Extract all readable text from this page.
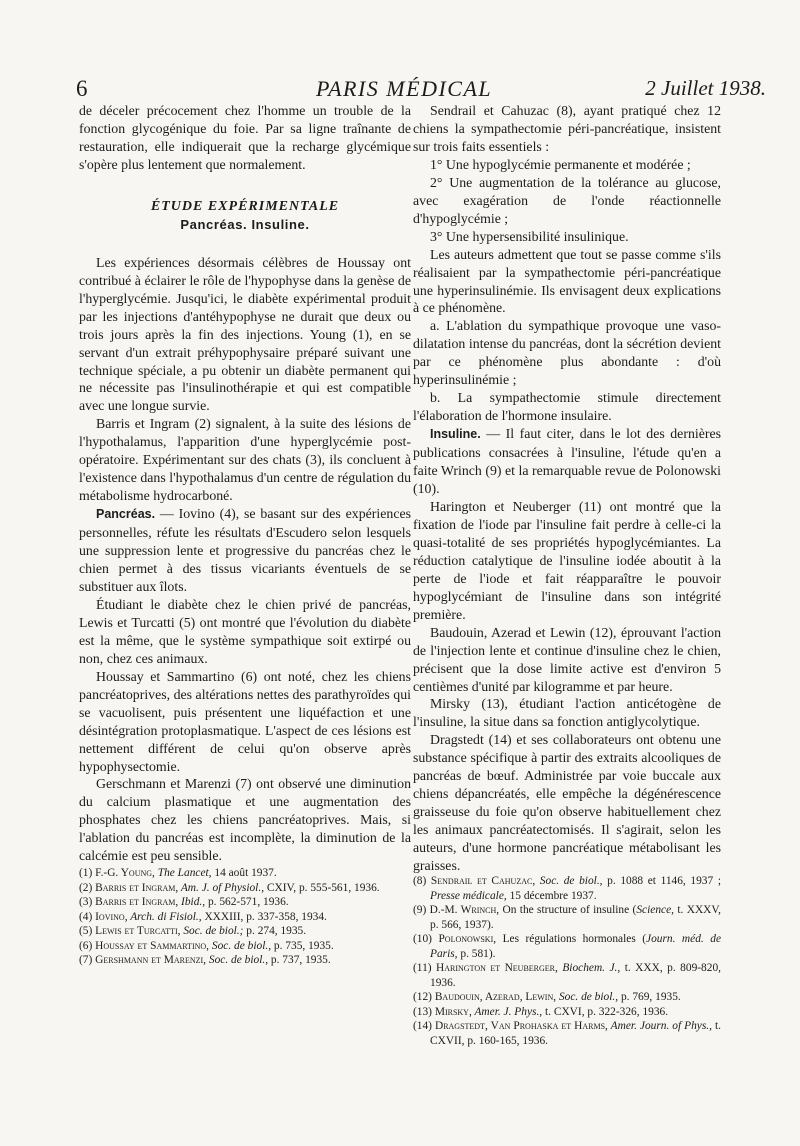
6	PARIS MÉDICAL	2 Juillet 1938.

de déceler précocement chez l'homme un trouble de la fonction glycogénique du foie. Par sa ligne traînante de restauration, elle indiquerait que la recharge glycémique s'opère plus lentement que normalement.

ÉTUDE EXPÉRIMENTALE
Pancréas. Insuline.

Les expériences désormais célèbres de Houssay ont contribué à éclairer le rôle de l'hypophyse dans la genèse de l'hyperglycémie. Jusqu'ici, le diabète expérimental produit par les injections d'antéhypophyse ne durait que deux ou trois jours après la fin des injections. Young (1), en se servant d'un extrait préhypophysaire préparé suivant une technique spéciale, a pu obtenir un diabète permanent qui ne nécessite pas l'insulinothérapie et qui est compatible avec une longue survie.

Barris et Ingram (2) signalent, à la suite des lésions de l'hypothalamus, l'apparition d'une hyperglycémie post-opératoire. Expérimentant sur des chats (3), ils concluent à l'existence dans l'hypothalamus d'un centre de régulation du métabolisme hydrocarboné.

Pancréas. — Iovino (4), se basant sur des expériences personnelles, réfute les résultats d'Escudero selon lesquels une suppression lente et progressive du pancréas chez le chien permet à des tissus vicariants éventuels de se substituer aux îlots.

Étudiant le diabète chez le chien privé de pancréas, Lewis et Turcatti (5) ont montré que l'évolution du diabète est la même, que le système sympathique soit extirpé ou non, chez ces animaux.

Houssay et Sammartino (6) ont noté, chez les chiens pancréatoprives, des altérations nettes des parathyroïdes qui se vacuolisent, puis présentent une liquéfaction et une désintégration protoplasmatique. L'aspect de ces lésions est nettement différent de celui qu'on observe après hypophysectomie.

Gerschmann et Marenzi (7) ont observé une diminution du calcium plasmatique et une augmentation des phosphates chez les chiens pancréatoprives. Mais, si l'ablation du pancréas est incomplète, la diminution de la calcémie est peu sensible.

(1) F.-G. Young, The Lancet, 14 août 1937.
(2) Barris et Ingram, Am. J. of Physiol., CXIV, p. 555-561, 1936.
(3) Barris et Ingram, Ibid., p. 562-571, 1936.
(4) Iovino, Arch. di Fisiol., XXXIII, p. 337-358, 1934.
(5) Lewis et Turcatti, Soc. de biol.; p. 274, 1935.
(6) Houssay et Sammartino, Soc. de biol., p. 735, 1935.
(7) Gershmann et Marenzi, Soc. de biol., p. 737, 1935.

Sendrail et Cahuzac (8), ayant pratiqué chez 12 chiens la sympathectomie péri-pancréatique, insistent sur trois faits essentiels :

1° Une hypoglycémie permanente et modérée ;

2° Une augmentation de la tolérance au glucose, avec exagération de l'onde réactionnelle d'hypoglycémie ;

3° Une hypersensibilité insulinique.

Les auteurs admettent que tout se passe comme s'ils réalisaient par la sympathectomie péri-pancréatique une hyperinsulinémie. Ils envisagent deux explications à ce phénomène.

a. L'ablation du sympathique provoque une vaso-dilatation intense du pancréas, dont la sécrétion devient par ce phénomène plus abondante : d'où hyperinsulinémie ;

b. La sympathectomie stimule directement l'élaboration de l'hormone insulaire.

Insuline. — Il faut citer, dans le lot des dernières publications consacrées à l'insuline, l'étude qu'en a faite Wrinch (9) et la remarquable revue de Polonowski (10).

Harington et Neuberger (11) ont montré que la fixation de l'iode par l'insuline fait perdre à celle-ci la quasi-totalité de ses propriétés hypoglycémiantes. La réduction catalytique de l'insuline iodée aboutit à la perte de l'iode et fait réapparaître le pouvoir hypoglycémiant de l'insuline dans son intégrité première.

Baudouin, Azerad et Lewin (12), éprouvant l'action de l'injection lente et continue d'insuline chez le chien, précisent que la dose limite active est d'environ 5 centièmes d'unité par kilogramme et par heure.

Mirsky (13), étudiant l'action anticétogène de l'insuline, la situe dans sa fonction antiglycolytique.

Dragstedt (14) et ses collaborateurs ont obtenu une substance spécifique à partir des extraits alcooliques de pancréas de bœuf. Administrée par voie buccale aux chiens dépancréatés, elle empêche la dégénérescence graisseuse du foie qu'on observe habituellement chez les animaux pancréatectomisés. Il s'agirait, selon les auteurs, d'une hormone pancréatique métabolisant les graisses.

(8) Sendrail et Cahuzac, Soc. de biol., p. 1088 et 1146, 1937 ; Presse médicale, 15 décembre 1937.
(9) D.-M. Wrinch, On the structure of insuline (Science, t. XXXV, p. 566, 1937).
(10) Polonowski, Les régulations hormonales (Journ. méd. de Paris, p. 581).
(11) Harington et Neuberger, Biochem. J., t. XXX, p. 809-820, 1936.
(12) Baudouin, Azerad, Lewin, Soc. de biol., p. 769, 1935.
(13) Mirsky, Amer. J. Phys., t. CXVI, p. 322-326, 1936.
(14) Dragstedt, Van Prohaska et Harms, Amer. Journ. of Phys., t. CXVII, p. 160-165, 1936.
